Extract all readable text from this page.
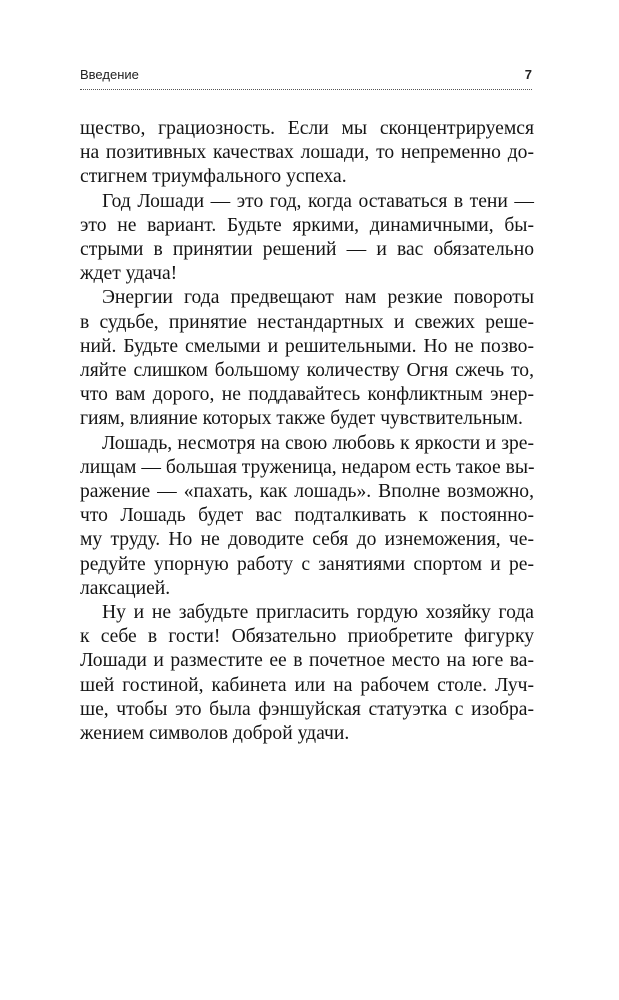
Введение	7
щество, грациозность. Если мы сконцентрируемся
на позитивных качествах лошади, то непременно до-
стигнем триумфального успеха.
Год Лошади — это год, когда оставаться в тени —
это не вариант. Будьте яркими, динамичными, бы-
стрыми в принятии решений — и вас обязательно
ждет удача!
Энергии года предвещают нам резкие повороты
в судьбе, принятие нестандартных и свежих реше-
ний. Будьте смелыми и решительными. Но не позво-
ляйте слишком большому количеству Огня сжечь то,
что вам дорого, не поддавайтесь конфликтным энер-
гиям, влияние которых также будет чувствительным.
Лошадь, несмотря на свою любовь к яркости и зре-
лищам — большая труженица, недаром есть такое вы-
ражение — «пахать, как лошадь». Вполне возможно,
что Лошадь будет вас подталкивать к постоянно-
му труду. Но не доводите себя до изнеможения, че-
редуйте упорную работу с занятиями спортом и ре-
лаксацией.
Ну и не забудьте пригласить гордую хозяйку года
к себе в гости! Обязательно приобретите фигурку
Лошади и разместите ее в почетное место на юге ва-
шей гостиной, кабинета или на рабочем столе. Луч-
ше, чтобы это была фэншуйская статуэтка с изобра-
жением символов доброй удачи.
